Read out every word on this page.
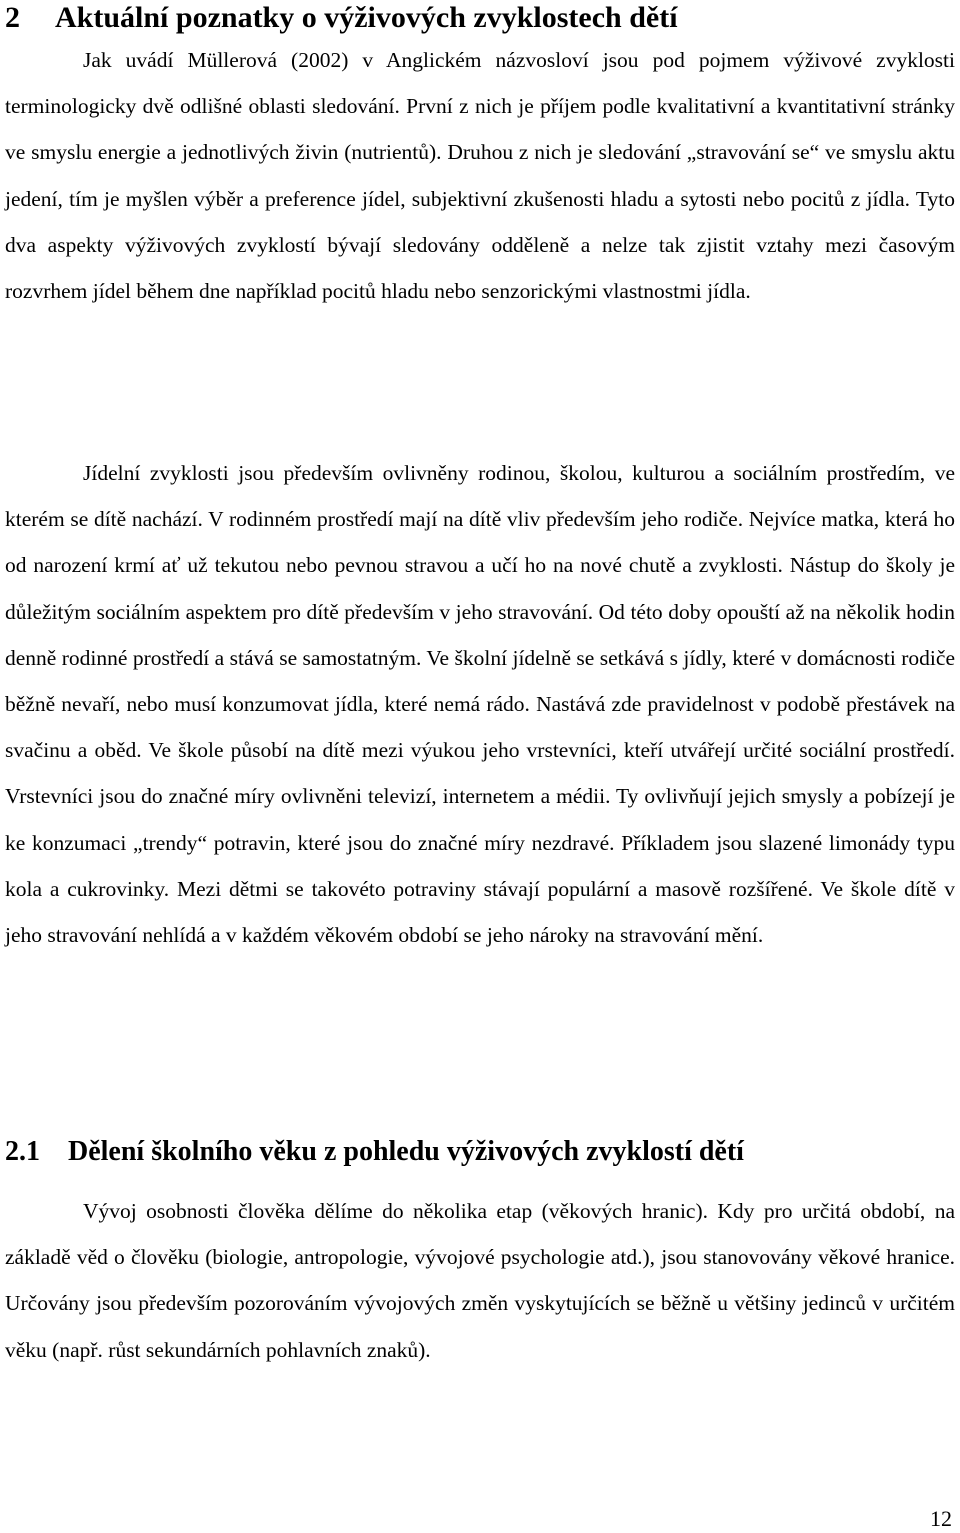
2 Aktuální poznatky o výživových zvyklostech dětí

Jak uvádí Müllerová (2002) v Anglickém názvosloví jsou pod pojmem výživové zvyklosti terminologicky dvě odlišné oblasti sledování. První z nich je příjem podle kvalitativní a kvantitativní stránky ve smyslu energie a jednotlivých živin (nutrientů). Druhou z nich je sledování „stravování se“ ve smyslu aktu jedení, tím je myšlen výběr a preference jídel, subjektivní zkušenosti hladu a sytosti nebo pocitů z jídla. Tyto dva aspekty výživových zvyklostí bývají sledovány odděleně a nelze tak zjistit vztahy mezi časovým rozvrhem jídel během dne například pocitů hladu nebo senzorickými vlastnostmi jídla.

Jídelní zvyklosti jsou především ovlivněny rodinou, školou, kulturou a sociálním prostředím, ve kterém se dítě nachází. V rodinném prostředí mají na dítě vliv především jeho rodiče. Nejvíce matka, která ho od narození krmí ať už tekutou nebo pevnou stravou a učí ho na nové chutě a zvyklosti. Nástup do školy je důležitým sociálním aspektem pro dítě především v jeho stravování. Od této doby opouští až na několik hodin denně rodinné prostředí a stává se samostatným. Ve školní jídelně se setkává s jídly, které v domácnosti rodiče běžně nevaří, nebo musí konzumovat jídla, které nemá rádo. Nastává zde pravidelnost v podobě přestávek na svačinu a oběd. Ve škole působí na dítě mezi výukou jeho vrstevníci, kteří utvářejí určité sociální prostředí. Vrstevníci jsou do značné míry ovlivněni televizí, internetem a médii. Ty ovlivňují jejich smysly a pobízejí je ke konzumaci „trendy“ potravin, které jsou do značné míry nezdravé. Příkladem jsou slazené limonády typu kola a cukrovinky. Mezi dětmi se takovéto potraviny stávají populární a masově rozšířené. Ve škole dítě v jeho stravování nehlídá a v každém věkovém období se jeho nároky na stravování mění.

2.1 Dělení školního věku z pohledu výživových zvyklostí dětí

Vývoj osobnosti člověka dělíme do několika etap (věkových hranic). Kdy pro určitá období, na základě věd o člověku (biologie, antropologie, vývojové psychologie atd.), jsou stanovovány věkové hranice. Určovány jsou především pozorováním vývojových změn vyskytujících se běžně u většiny jedinců v určitém věku (např. růst sekundárních pohlavních znaků).

12
